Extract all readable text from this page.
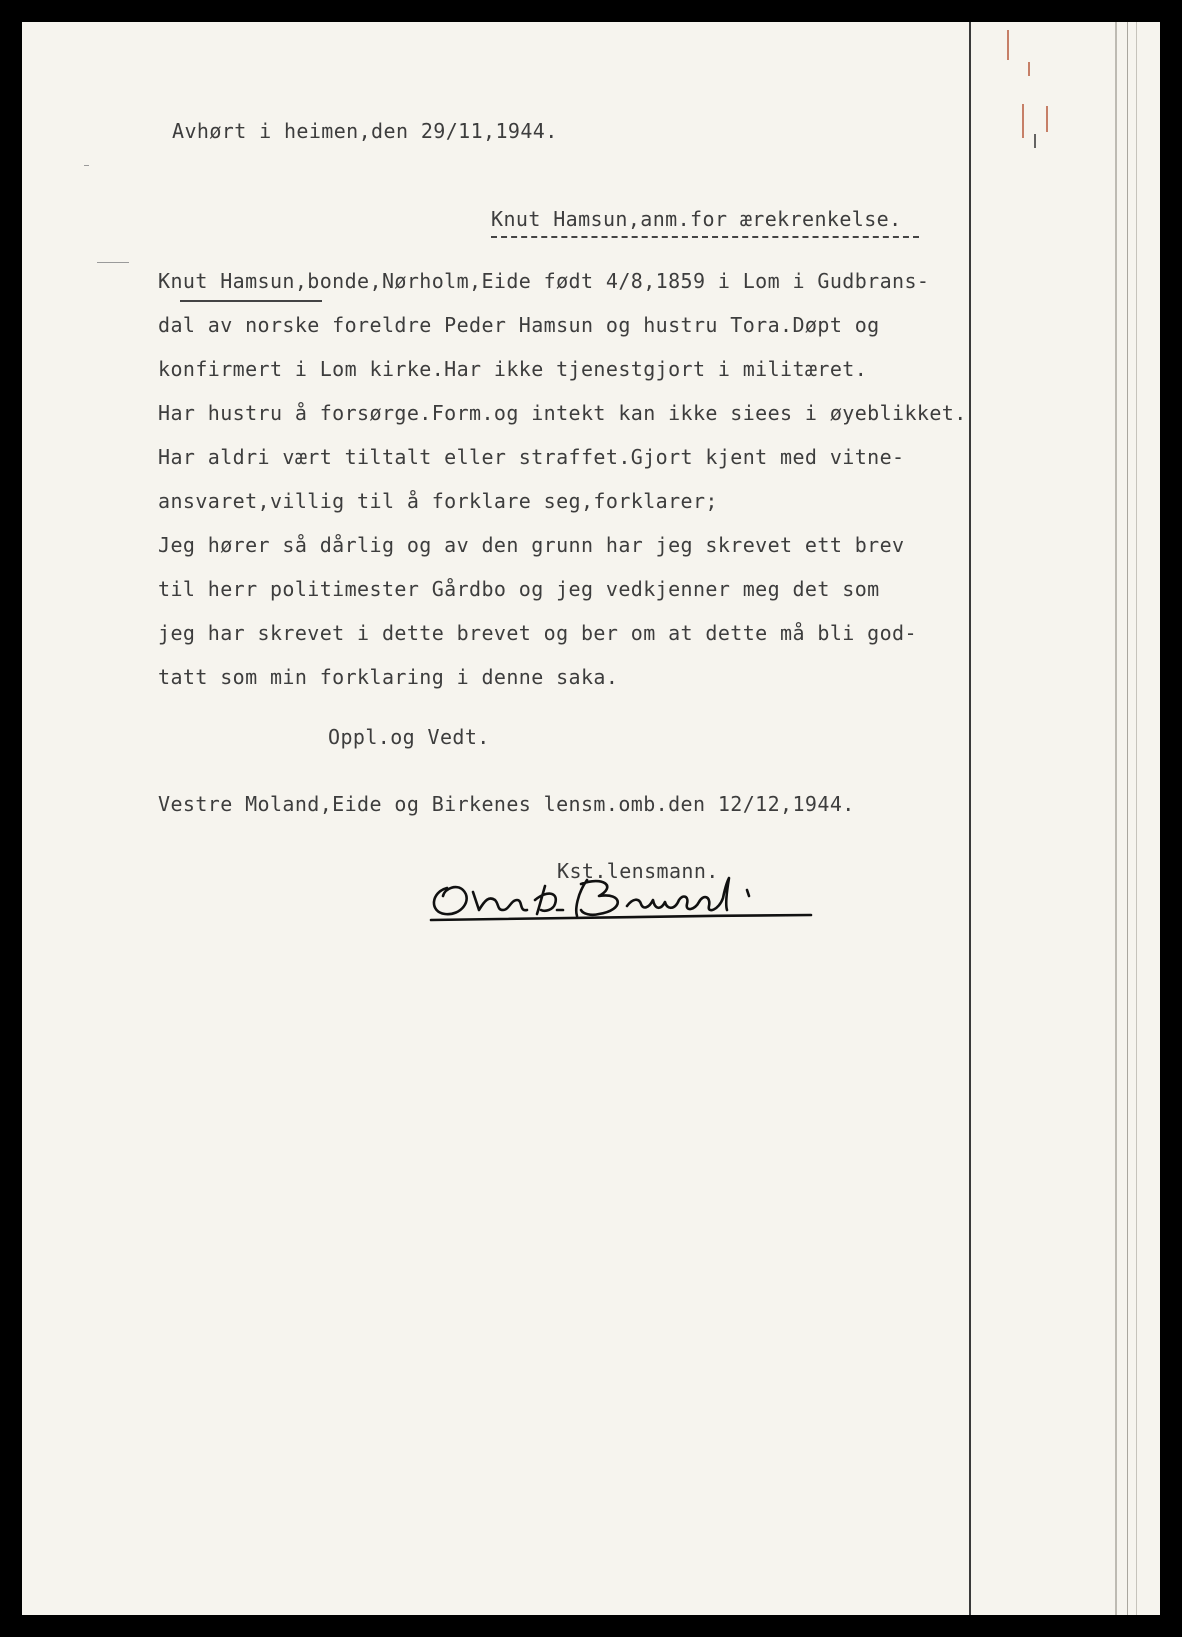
Avhørt i heimen,den 29/11,1944.
Knut Hamsun,anm.for ærekrenkelse.
Knut Hamsun,bonde,Nørholm,Eide født 4/8,1859 i Lom i Gudbrans-
dal av norske foreldre Peder Hamsun og hustru Tora.Døpt og
konfirmert i Lom kirke.Har ikke tjenestgjort i militæret.
Har hustru å forsørge.Form.og intekt kan ikke siees i øyeblikket.
Har aldri vært tiltalt eller straffet.Gjort kjent med vitne-
ansvaret,villig til å forklare seg,forklarer;
Jeg hører så dårlig og av den grunn har jeg skrevet ett brev
til herr politimester Gårdbo og jeg vedkjenner meg det som
jeg har skrevet i dette brevet og ber om at dette må bli god-
tatt som min forklaring i denne saka.
Oppl.og Vedt.
Vestre Moland,Eide og Birkenes lensm.omb.den 12/12,1944.
Kst.lensmann.
